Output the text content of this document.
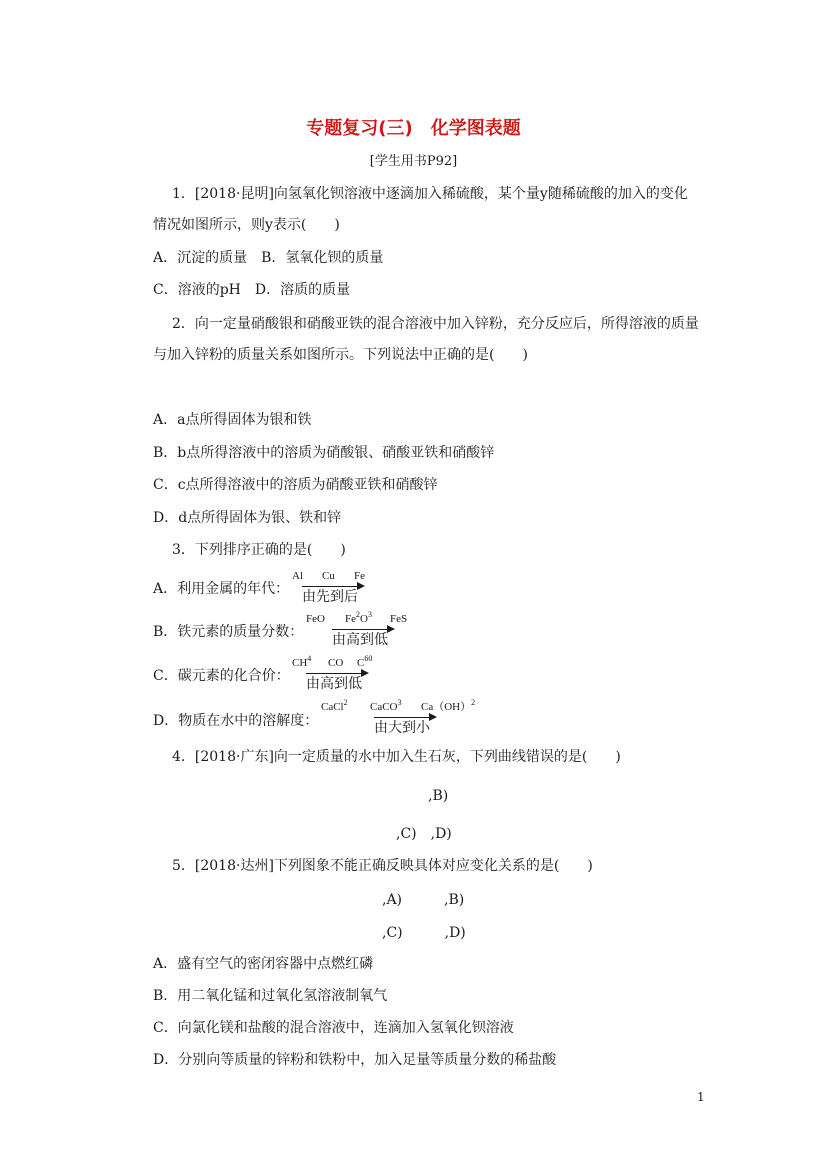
专题复习(三)　化学图表题
[学生用书P92]
1．[2018·昆明]向氢氧化钡溶液中逐滴加入稀硫酸，某个量y随稀硫酸的加入的变化
情况如图所示，则y表示(　　)
A．沉淀的质量　B．氢氧化钡的质量
C．溶液的pH　D．溶质的质量
2．向一定量硝酸银和硝酸亚铁的混合溶液中加入锌粉，充分反应后，所得溶液的质量
与加入锌粉的质量关系如图所示。下列说法中正确的是(　　)
A．a点所得固体为银和铁
B．b点所得溶液中的溶质为硝酸银、硝酸亚铁和硝酸锌
C．c点所得溶液中的溶质为硝酸亚铁和硝酸锌
D．d点所得固体为银、铁和锌
3．下列排序正确的是(　　)
A．利用金属的年代：
Al Cu Fe
由先到后
B．铁元素的质量分数：
FeO $Fe^2O^3$ FeS
由高到低
C．碳元素的化合价：
$CH^4$ CO $C^{60}$
由高到低
D．物质在水中的溶解度：
CaCl$^2$ CaCO$^3$ Ca（OH）$^2$
由大到小
4．[2018·广东]向一定质量的水中加入生石灰，下列曲线错误的是(　　)
,B)
,C)　,D)
5．[2018·达州]下列图象不能正确反映具体对应变化关系的是(　　)
,A)　　　,B)
,C)　　　,D)
A．盛有空气的密闭容器中点燃红磷
B．用二氧化锰和过氧化氢溶液制氧气
C．向氯化镁和盐酸的混合溶液中，连滴加入氢氧化钡溶液
D．分别向等质量的锌粉和铁粉中，加入足量等质量分数的稀盐酸
1
